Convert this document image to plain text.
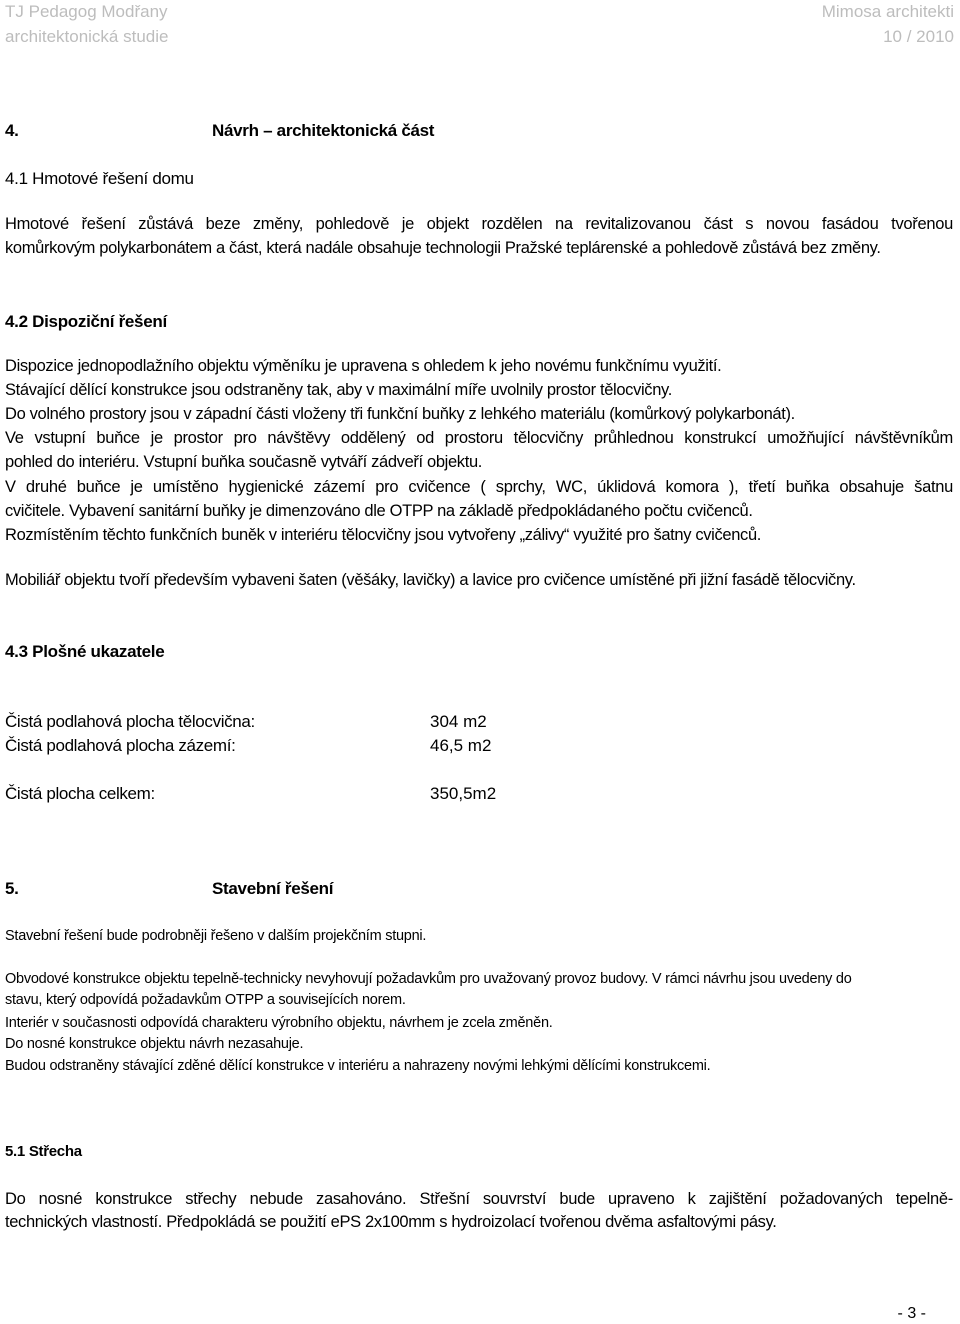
TJ Pedagog Modřany
architektonická studie
Mimosa architekti
10 / 2010
4.	Návrh – architektonická část
4.1 Hmotové řešení domu
Hmotové řešení zůstává beze změny, pohledově je objekt rozdělen na revitalizovanou část s novou fasádou tvořenou
komůrkovým polykarbonátem a část, která nadále obsahuje technologii Pražské teplárenské a pohledově zůstává bez změny.
4.2 Dispoziční řešení
Dispozice jednopodlažního objektu výměníku je upravena s ohledem k jeho novému funkčnímu využití.
Stávající dělící konstrukce jsou odstraněny tak, aby v maximální míře uvolnily prostor tělocvičny.
Do volného prostory jsou v západní části vloženy tři funkční buňky z lehkého materiálu (komůrkový polykarbonát).
Ve vstupní buňce je prostor pro návštěvy oddělený od prostoru tělocvičny průhlednou konstrukcí umožňující návštěvníkům
pohled do interiéru. Vstupní buňka současně vytváří zádveří objektu.
V druhé buňce je umístěno hygienické zázemí pro cvičence ( sprchy, WC, úklidová komora ), třetí buňka obsahuje šatnu
cvičitele. Vybavení sanitární buňky je dimenzováno dle OTPP na základě předpokládaného počtu cvičenců.
Rozmístěním těchto funkčních buněk v interiéru tělocvičny jsou vytvořeny „zálivy“ využité pro šatny cvičenců.
Mobiliář objektu tvoří především vybaveni šaten (věšáky, lavičky) a lavice pro cvičence umístěné při jižní fasádě tělocvičny.
4.3 Plošné ukazatele
Čistá podlahová plocha tělocvična:	304 m2
Čistá podlahová plocha zázemí:	46,5 m2
Čistá plocha celkem:	350,5m2
5.	Stavební řešení
Stavební řešení bude podrobněji řešeno v dalším projekčním stupni.
Obvodové konstrukce objektu tepelně-technicky nevyhovují požadavkům pro uvažovaný provoz budovy. V rámci návrhu jsou uvedeny do
stavu, který odpovídá požadavkům OTPP a souvisejících norem.
Interiér v současnosti odpovídá charakteru výrobního objektu, návrhem je zcela změněn.
Do nosné konstrukce objektu návrh nezasahuje.
Budou odstraněny stávající zděné dělící konstrukce v interiéru a nahrazeny novými lehkými dělícími konstrukcemi.
5.1 Střecha
Do nosné konstrukce střechy nebude zasahováno. Střešní souvrství bude upraveno k zajištění požadovaných tepelně-
technických vlastností. Předpokládá se použití ePS 2x100mm s hydroizolací tvořenou dvěma asfaltovými pásy.
- 3 -
